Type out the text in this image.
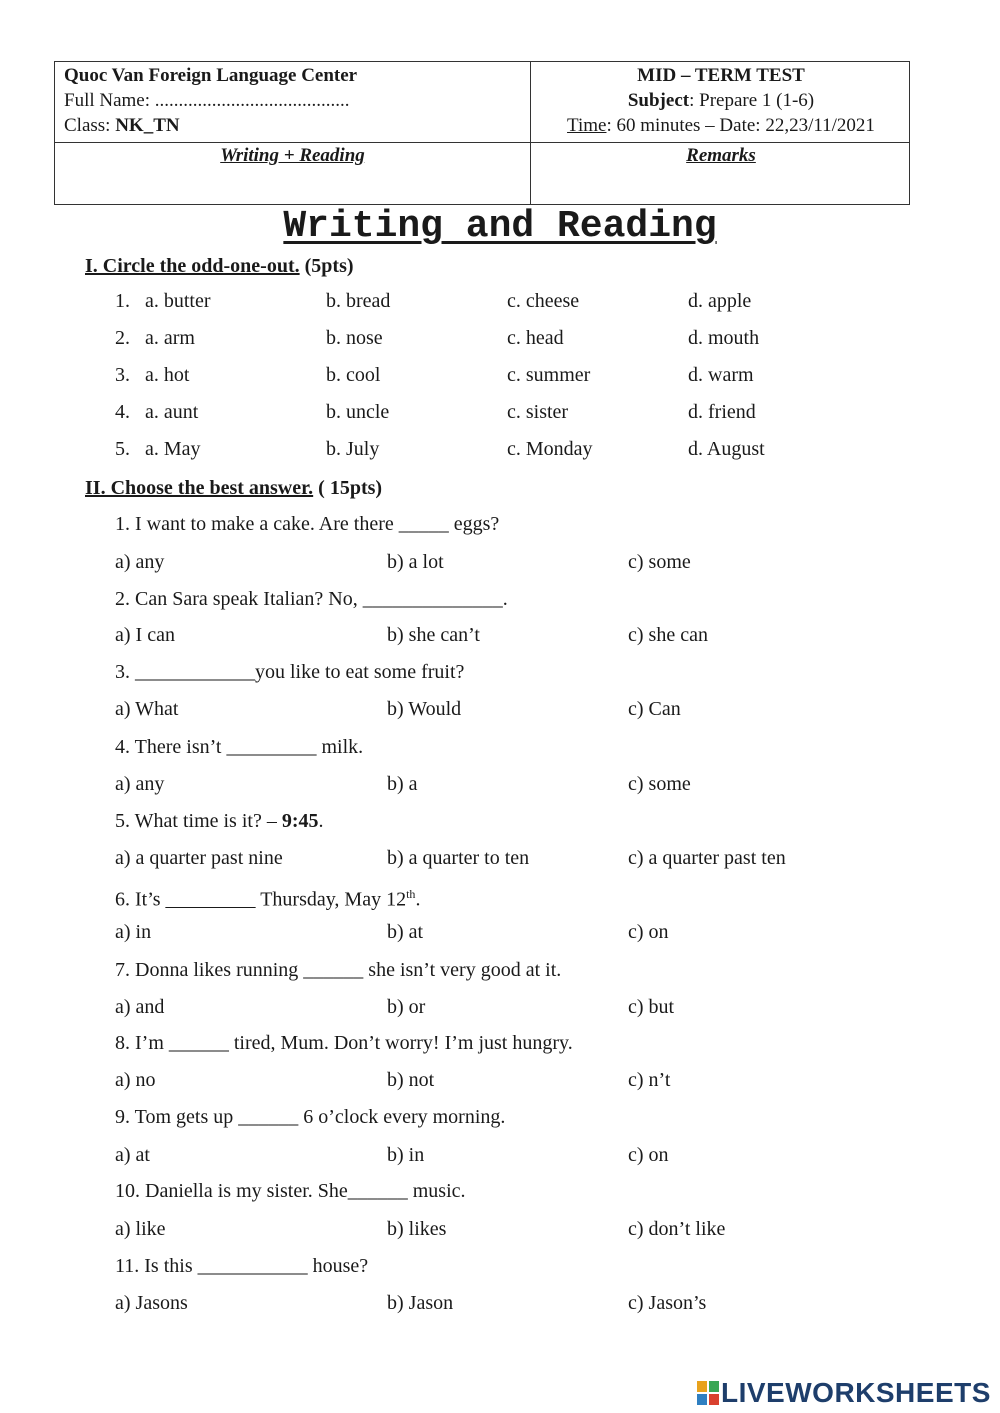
Quoc Van Foreign Language Center
Full Name: .........................................
Class: NK_TN
MID – TERM TEST
Subject: Prepare 1 (1-6)
Time: 60 minutes – Date: 22,23/11/2021
Writing + Reading	Remarks
Writing and Reading
I. Circle the odd-one-out. (5pts)
1. a. butter	b. bread	c. cheese	d. apple
2. a. arm	b. nose	c. head	d. mouth
3. a. hot	b. cool	c. summer	d. warm
4. a. aunt	b. uncle	c. sister	d. friend
5. a. May	b. July	c. Monday	d. August
II. Choose the best answer. ( 15pts)
1. I want to make a cake. Are there _____ eggs?
a) any	b) a lot	c) some
2. Can Sara speak Italian? No, ______________.
a) I can	b) she can’t	c) she can
3. ____________you like to eat some fruit?
a) What	b) Would	c) Can
4. There isn’t _________ milk.
a) any	b) a	c) some
5. What time is it? – 9:45.
a) a quarter past nine	b) a quarter to ten	c) a quarter past ten
6. It’s _________ Thursday, May 12th.
a) in	b) at	c) on
7. Donna likes running ______ she isn’t very good at it.
a) and	b) or	c) but
8. I’m ______ tired, Mum. Don’t worry! I’m just hungry.
a) no	b) not	c) n’t
9. Tom gets up ______ 6 o’clock every morning.
a) at	b) in	c) on
10. Daniella is my sister. She______ music.
a) like	b) likes	c) don’t like
11. Is this ___________ house?
a) Jasons	b) Jason	c) Jason’s
LIVEWORKSHEETS
